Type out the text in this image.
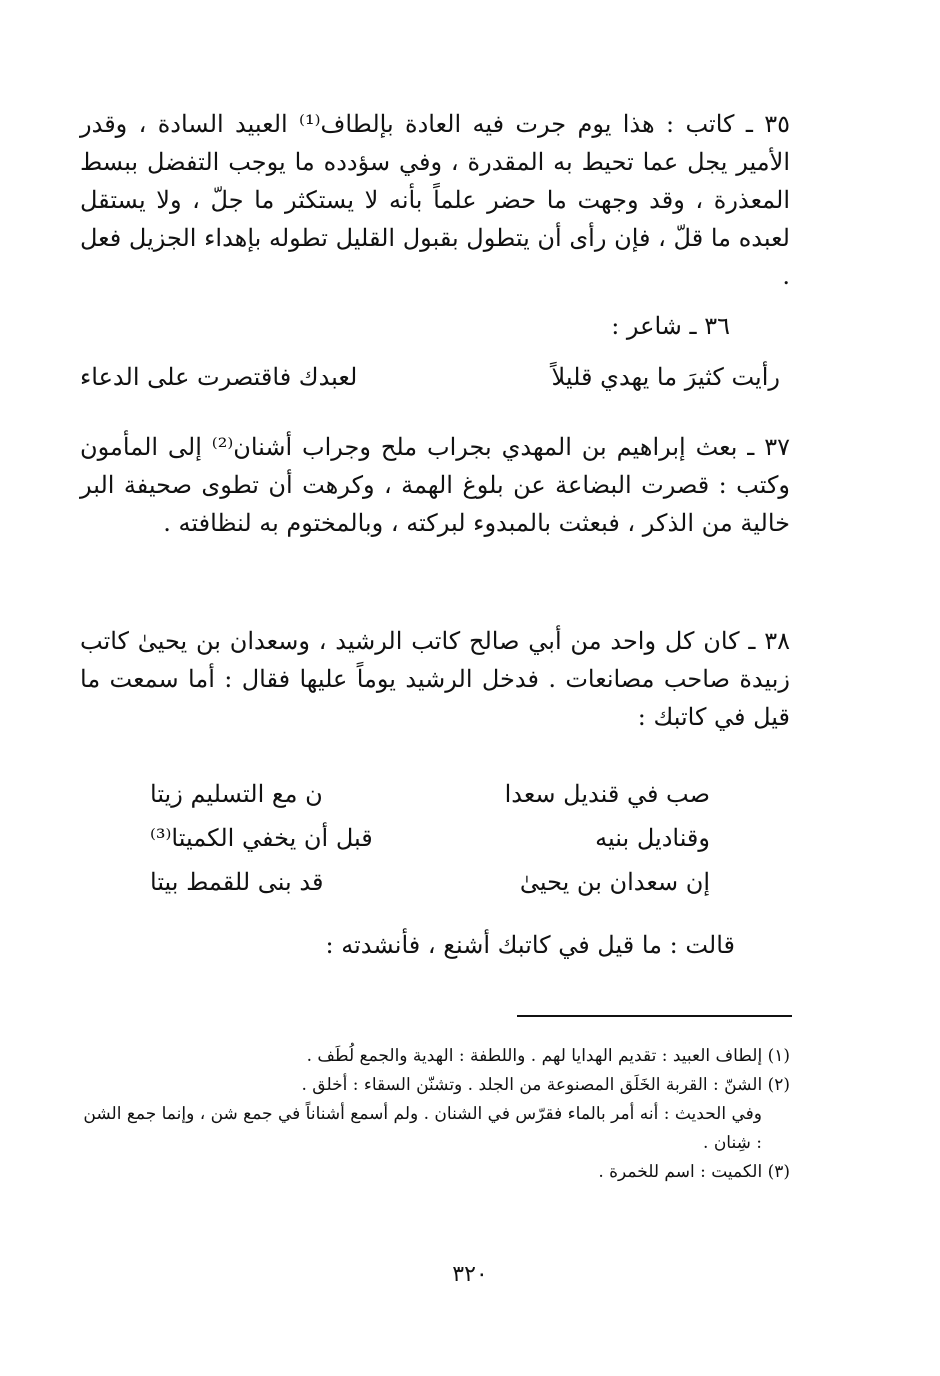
٣٥ ـ كاتب : هذا يوم جرت فيه العادة بإلطاف⁽¹⁾ العبيد السادة ، وقدر الأمير يجل عما تحيط به المقدرة ، وفي سؤدده ما يوجب التفضل ببسط المعذرة ، وقد وجهت ما حضر علماً بأنه لا يستكثر ما جلّ ، ولا يستقل لعبده ما قلّ ، فإن رأى أن يتطول بقبول القليل تطوله بإهداء الجزيل فعل .

٣٦ ـ شاعر :

رأيت كثيرَ ما يهدي قليلاً
لعبدك فاقتصرت على الدعاء

٣٧ ـ بعث إبراهيم بن المهدي بجراب ملح وجراب أشنان⁽²⁾ إلى المأمون وكتب : قصرت البضاعة عن بلوغ الهمة ، وكرهت أن تطوى صحيفة البر خالية من الذكر ، فبعثت بالمبدوء لبركته ، وبالمختوم به لنظافته .

٣٨ ـ كان كل واحد من أبي صالح كاتب الرشيد ، وسعدان بن يحيىٰ كاتب زبيدة صاحب مصانعات . فدخل الرشيد يوماً عليها فقال : أما سمعت ما قيل في كاتبك :

صب في قنديل سعدا
ن مع التسليم زيتا
وقناديل بنيه
قبل أن يخفي الكميتا⁽³⁾
إن سعدان بن يحيىٰ
قد بنى للقمط بيتا

قالت : ما قيل في كاتبك أشنع ، فأنشدته :

(١) إلطاف العبيد : تقديم الهدايا لهم . واللطفة : الهدية والجمع لُطَف .

(٢) الشنّ : القربة الخَلَق المصنوعة من الجلد . وتشنّن السقاء : أخلق .

وفي الحديث : أنه أمر بالماء فقرّس في الشنان . ولم أسمع أشناناً في جمع شن ، وإنما جمع الشن : شِنان .

(٣) الكميت : اسم للخمرة .

٣٢٠
